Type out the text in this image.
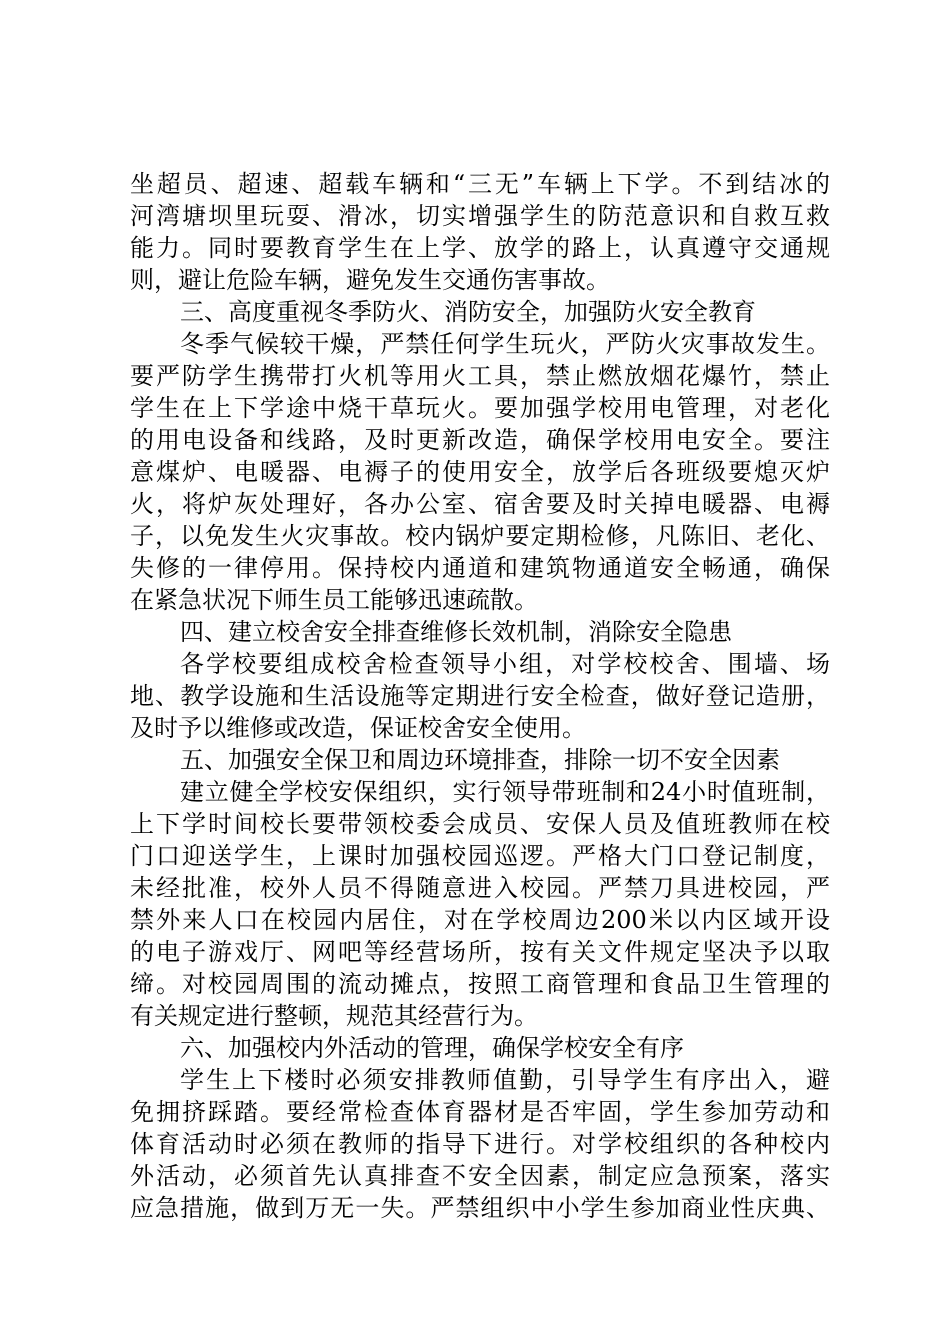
坐超员、超速、超载车辆和“三无”车辆上下学。不到结冰的
河湾塘坝里玩耍、滑冰，切实增强学生的防范意识和自救互救
能力。同时要教育学生在上学、放学的路上，认真遵守交通规
则，避让危险车辆，避免发生交通伤害事故。
三、高度重视冬季防火、消防安全，加强防火安全教育
冬季气候较干燥，严禁任何学生玩火，严防火灾事故发生。
要严防学生携带打火机等用火工具，禁止燃放烟花爆竹，禁止
学生在上下学途中烧干草玩火。要加强学校用电管理，对老化
的用电设备和线路，及时更新改造，确保学校用电安全。要注
意煤炉、电暖器、电褥子的使用安全，放学后各班级要熄灭炉
火，将炉灰处理好，各办公室、宿舍要及时关掉电暖器、电褥
子，以免发生火灾事故。校内锅炉要定期检修，凡陈旧、老化、
失修的一律停用。保持校内通道和建筑物通道安全畅通，确保
在紧急状况下师生员工能够迅速疏散。
四、建立校舍安全排查维修长效机制，消除安全隐患
各学校要组成校舍检查领导小组，对学校校舍、围墙、场
地、教学设施和生活设施等定期进行安全检查，做好登记造册，
及时予以维修或改造，保证校舍安全使用。
五、加强安全保卫和周边环境排查，排除一切不安全因素
建立健全学校安保组织，实行领导带班制和24小时值班制，
上下学时间校长要带领校委会成员、安保人员及值班教师在校
门口迎送学生，上课时加强校园巡逻。严格大门口登记制度，
未经批准，校外人员不得随意进入校园。严禁刀具进校园，严
禁外来人口在校园内居住，对在学校周边200米以内区域开设
的电子游戏厅、网吧等经营场所，按有关文件规定坚决予以取
缔。对校园周围的流动摊点，按照工商管理和食品卫生管理的
有关规定进行整顿，规范其经营行为。
六、加强校内外活动的管理，确保学校安全有序
学生上下楼时必须安排教师值勤，引导学生有序出入，避
免拥挤踩踏。要经常检查体育器材是否牢固，学生参加劳动和
体育活动时必须在教师的指导下进行。对学校组织的各种校内
外活动，必须首先认真排查不安全因素，制定应急预案，落实
应急措施，做到万无一失。严禁组织中小学生参加商业性庆典、
